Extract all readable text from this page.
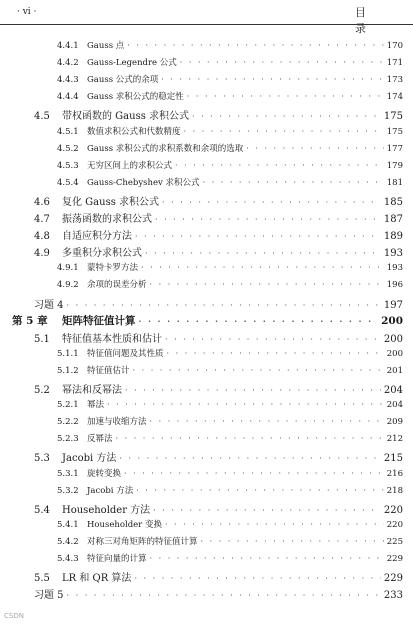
· vi ·	目 录
4.4.1 Gauss 点 · · ·	170
4.4.2 Gauss-Legendre 公式 · · ·	171
4.4.3 Gauss 公式的余项 · · ·	173
4.4.4 Gauss 求积公式的稳定性 · · ·	174
4.5	带权函数的 Gauss 求积公式 · · ·	175
4.5.1 数值求积公式和代数精度 · · ·	175
4.5.2 Gauss 求积公式的求积系数和余项的选取 · · ·	177
4.5.3 无穷区间上的求积公式 · · ·	179
4.5.4 Gauss-Chebyshev 求积公式 · · ·	181
4.6	复化 Gauss 求积公式 · · ·	185
4.7	振荡函数的求积公式 · · ·	187
4.8	自适应积分方法 · · ·	189
4.9	多重积分求积公式 · · ·	193
4.9.1 蒙特卡罗方法 · · ·	193
4.9.2 余项的误差分析 · · ·	196
习题 4 · · ·	197
第 5 章	矩阵特征值计算 · · ·	200
5.1	特征值基本性质和估计 · · ·	200
5.1.1 特征值问题及其性质 · · ·	200
5.1.2 特征值估计 · · ·	201
5.2	幂法和反幂法 · · ·	204
5.2.1 幂法 · · ·	204
5.2.2 加速与收缩方法 · · ·	209
5.2.3 反幂法 · · ·	212
5.3	Jacobi 方法 · · ·	215
5.3.1 旋转变换 · · ·	216
5.3.2 Jacobi 方法 · · ·	218
5.4	Householder 方法 · · ·	220
5.4.1 Householder 变换 · · ·	220
5.4.2 对称三对角矩阵的特征值计算 · · ·	225
5.4.3 特征向量的计算 · · ·	229
5.5	LR 和 QR 算法 · · ·	229
习题 5 · · ·	233
CSDN
